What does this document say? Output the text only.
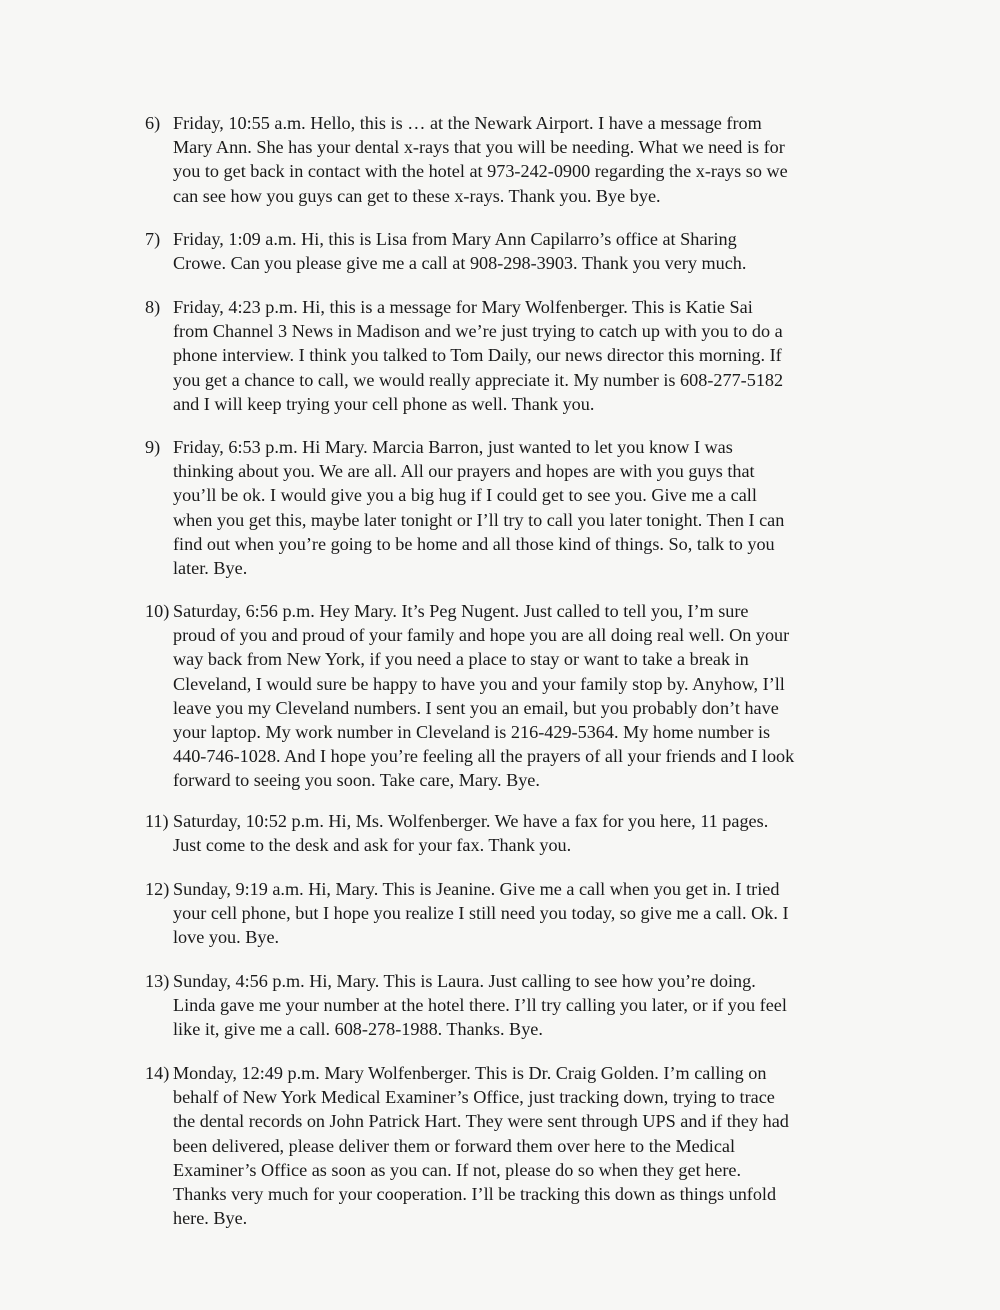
6) Friday, 10:55 a.m. Hello, this is … at the Newark Airport. I have a message from
Mary Ann. She has your dental x-rays that you will be needing. What we need is for
you to get back in contact with the hotel at 973-242-0900 regarding the x-rays so we
can see how you guys can get to these x-rays. Thank you. Bye bye.
7) Friday, 1:09 a.m. Hi, this is Lisa from Mary Ann Capilarro’s office at Sharing
Crowe. Can you please give me a call at 908-298-3903. Thank you very much.
8) Friday, 4:23 p.m. Hi, this is a message for Mary Wolfenberger. This is Katie Sai
from Channel 3 News in Madison and we’re just trying to catch up with you to do a
phone interview. I think you talked to Tom Daily, our news director this morning. If
you get a chance to call, we would really appreciate it. My number is 608-277-5182
and I will keep trying your cell phone as well. Thank you.
9) Friday, 6:53 p.m. Hi Mary. Marcia Barron, just wanted to let you know I was
thinking about you. We are all. All our prayers and hopes are with you guys that
you’ll be ok. I would give you a big hug if I could get to see you. Give me a call
when you get this, maybe later tonight or I’ll try to call you later tonight. Then I can
find out when you’re going to be home and all those kind of things. So, talk to you
later. Bye.
10) Saturday, 6:56 p.m. Hey Mary. It’s Peg Nugent. Just called to tell you, I’m sure
proud of you and proud of your family and hope you are all doing real well. On your
way back from New York, if you need a place to stay or want to take a break in
Cleveland, I would sure be happy to have you and your family stop by. Anyhow, I’ll
leave you my Cleveland numbers. I sent you an email, but you probably don’t have
your laptop. My work number in Cleveland is 216-429-5364. My home number is
440-746-1028. And I hope you’re feeling all the prayers of all your friends and I look
forward to seeing you soon. Take care, Mary. Bye.
11) Saturday, 10:52 p.m. Hi, Ms. Wolfenberger. We have a fax for you here, 11 pages.
Just come to the desk and ask for your fax. Thank you.
12) Sunday, 9:19 a.m. Hi, Mary. This is Jeanine. Give me a call when you get in. I tried
your cell phone, but I hope you realize I still need you today, so give me a call. Ok. I
love you. Bye.
13) Sunday, 4:56 p.m. Hi, Mary. This is Laura. Just calling to see how you’re doing.
Linda gave me your number at the hotel there. I’ll try calling you later, or if you feel
like it, give me a call. 608-278-1988. Thanks. Bye.
14) Monday, 12:49 p.m. Mary Wolfenberger. This is Dr. Craig Golden. I’m calling on
behalf of New York Medical Examiner’s Office, just tracking down, trying to trace
the dental records on John Patrick Hart. They were sent through UPS and if they had
been delivered, please deliver them or forward them over here to the Medical
Examiner’s Office as soon as you can. If not, please do so when they get here.
Thanks very much for your cooperation. I’ll be tracking this down as things unfold
here. Bye.
